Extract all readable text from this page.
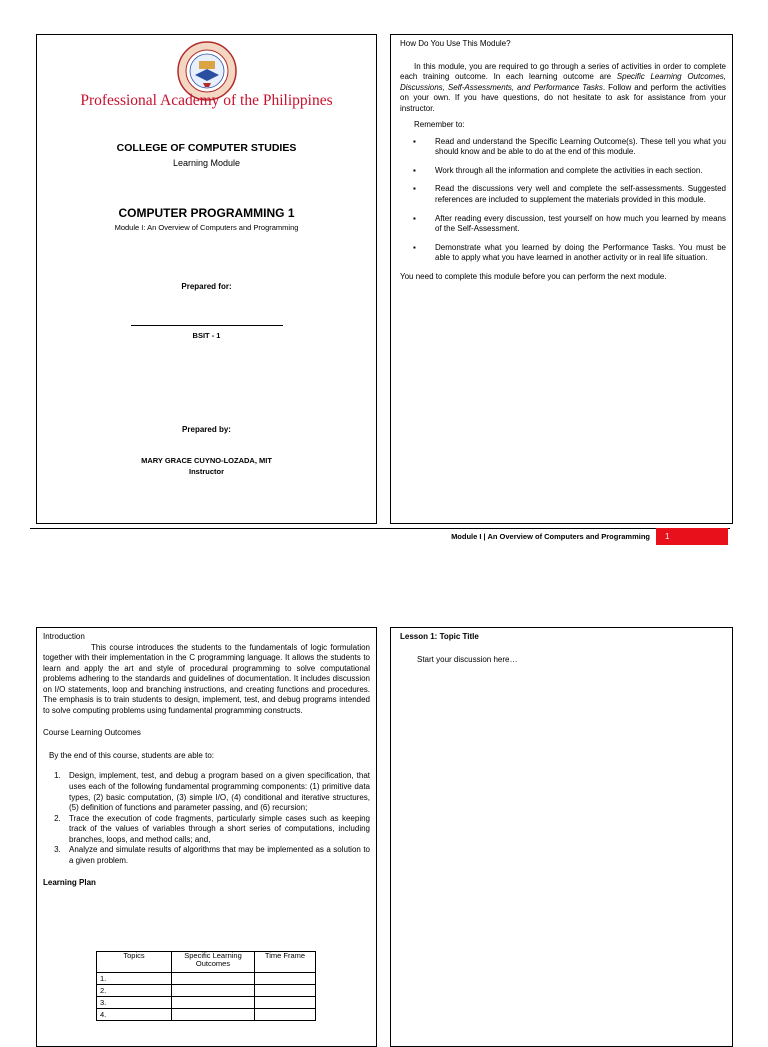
Professional Academy of the Philippines
COLLEGE OF COMPUTER STUDIES
Learning Module
COMPUTER PROGRAMMING 1
Module I: An Overview of Computers and Programming
Prepared for:
BSIT - 1
Prepared by:
MARY GRACE CUYNO-LOZADA, MIT
Instructor

How Do You Use This Module?

In this module, you are required to go through a series of activities in order to complete each training outcome. In each learning outcome are Specific Learning Outcomes, Discussions, Self-Assessments, and Performance Tasks. Follow and perform the activities on your own. If you have questions, do not hesitate to ask for assistance from your instructor.

Remember to:

▪ Read and understand the Specific Learning Outcome(s). These tell you what you should know and be able to do at the end of this module.
▪ Work through all the information and complete the activities in each section.
▪ Read the discussions very well and complete the self-assessments. Suggested references are included to supplement the materials provided in this module.
▪ After reading every discussion, test yourself on how much you learned by means of the Self-Assessment.
▪ Demonstrate what you learned by doing the Performance Tasks. You must be able to apply what you have learned in another activity or in real life situation.

You need to complete this module before you can perform the next module.

Module I | An Overview of Computers and Programming	1

Introduction

This course introduces the students to the fundamentals of logic formulation together with their implementation in the C programming language. It allows the students to learn and apply the art and style of procedural programming to solve computational problems adhering to the standards and guidelines of documentation. It includes discussion on I/O statements, loop and branching instructions, and creating functions and procedures. The emphasis is to train students to design, implement, test, and debug programs intended to solve computing problems using fundamental programming constructs.

Course Learning Outcomes

By the end of this course, students are able to:

1. Design, implement, test, and debug a program based on a given specification, that uses each of the following fundamental programming components: (1) primitive data types, (2) basic computation, (3) simple I/O, (4) conditional and iterative structures, (5) definition of functions and parameter passing, and (6) recursion;
2. Trace the execution of code fragments, particularly simple cases such as keeping track of the values of variables through a short series of computations, including branches, loops, and method calls; and,
3. Analyze and simulate results of algorithms that may be implemented as a solution to a given problem.

Learning Plan

Topics	Specific Learning Outcomes	Time Frame
1.		
2.		
3.		
4.		

Lesson 1: Topic Title

Start your discussion here…
